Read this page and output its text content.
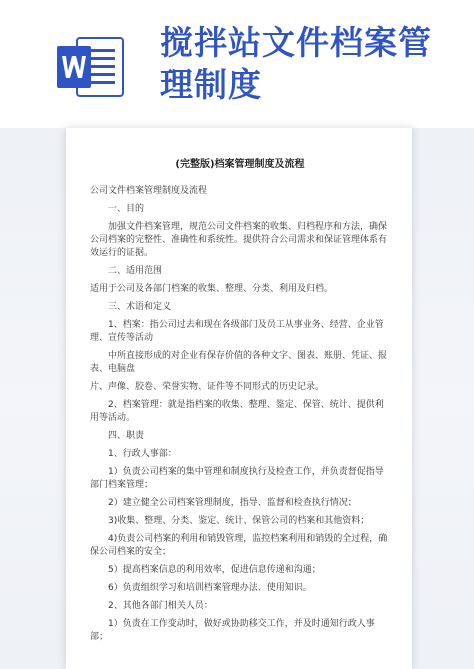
搅拌站文件档案管理制度
(完整版)档案管理制度及流程
公司文件档案管理制度及流程
一、目的
加强文件档案管理，规范公司文件档案的收集、归档程序和方法，确保公司档案的完整性、准确性和系统性。提供符合公司需求和保证管理体系有效运行的证据。
二、适用范围
适用于公司及各部门档案的收集、整理、分类、利用及归档。
三、术语和定义
1、档案：指公司过去和现在各级部门及员工从事业务、经营、企业管理、宣传等活动
中所直接形成的对企业有保存价值的各种文字、图表、账册、凭证、报表、电脑盘
片、声像、胶卷、荣誉实物、证件等不同形式的历史记录。
2、档案管理：就是指档案的收集、整理、鉴定、保管、统计、提供利用等活动。
四、职责
1、行政人事部：
1）负责公司档案的集中管理和制度执行及检查工作，并负责督促指导部门档案管理；
2）建立健全公司档案管理制度，指导、监督和检查执行情况；
3)收集、整理、分类、鉴定、统计、保管公司的档案和其他资料；
4)负责公司档案的利用和销毁管理，监控档案利用和销毁的全过程，确保公司档案的安全；
5）提高档案信息的利用效率，促进信息传递和沟通；
6）负责组织学习和培训档案管理办法、使用知识。
2、其他各部门相关人员：
1）负责在工作变动时，做好或协助移交工作，并及时通知行政人事部；
